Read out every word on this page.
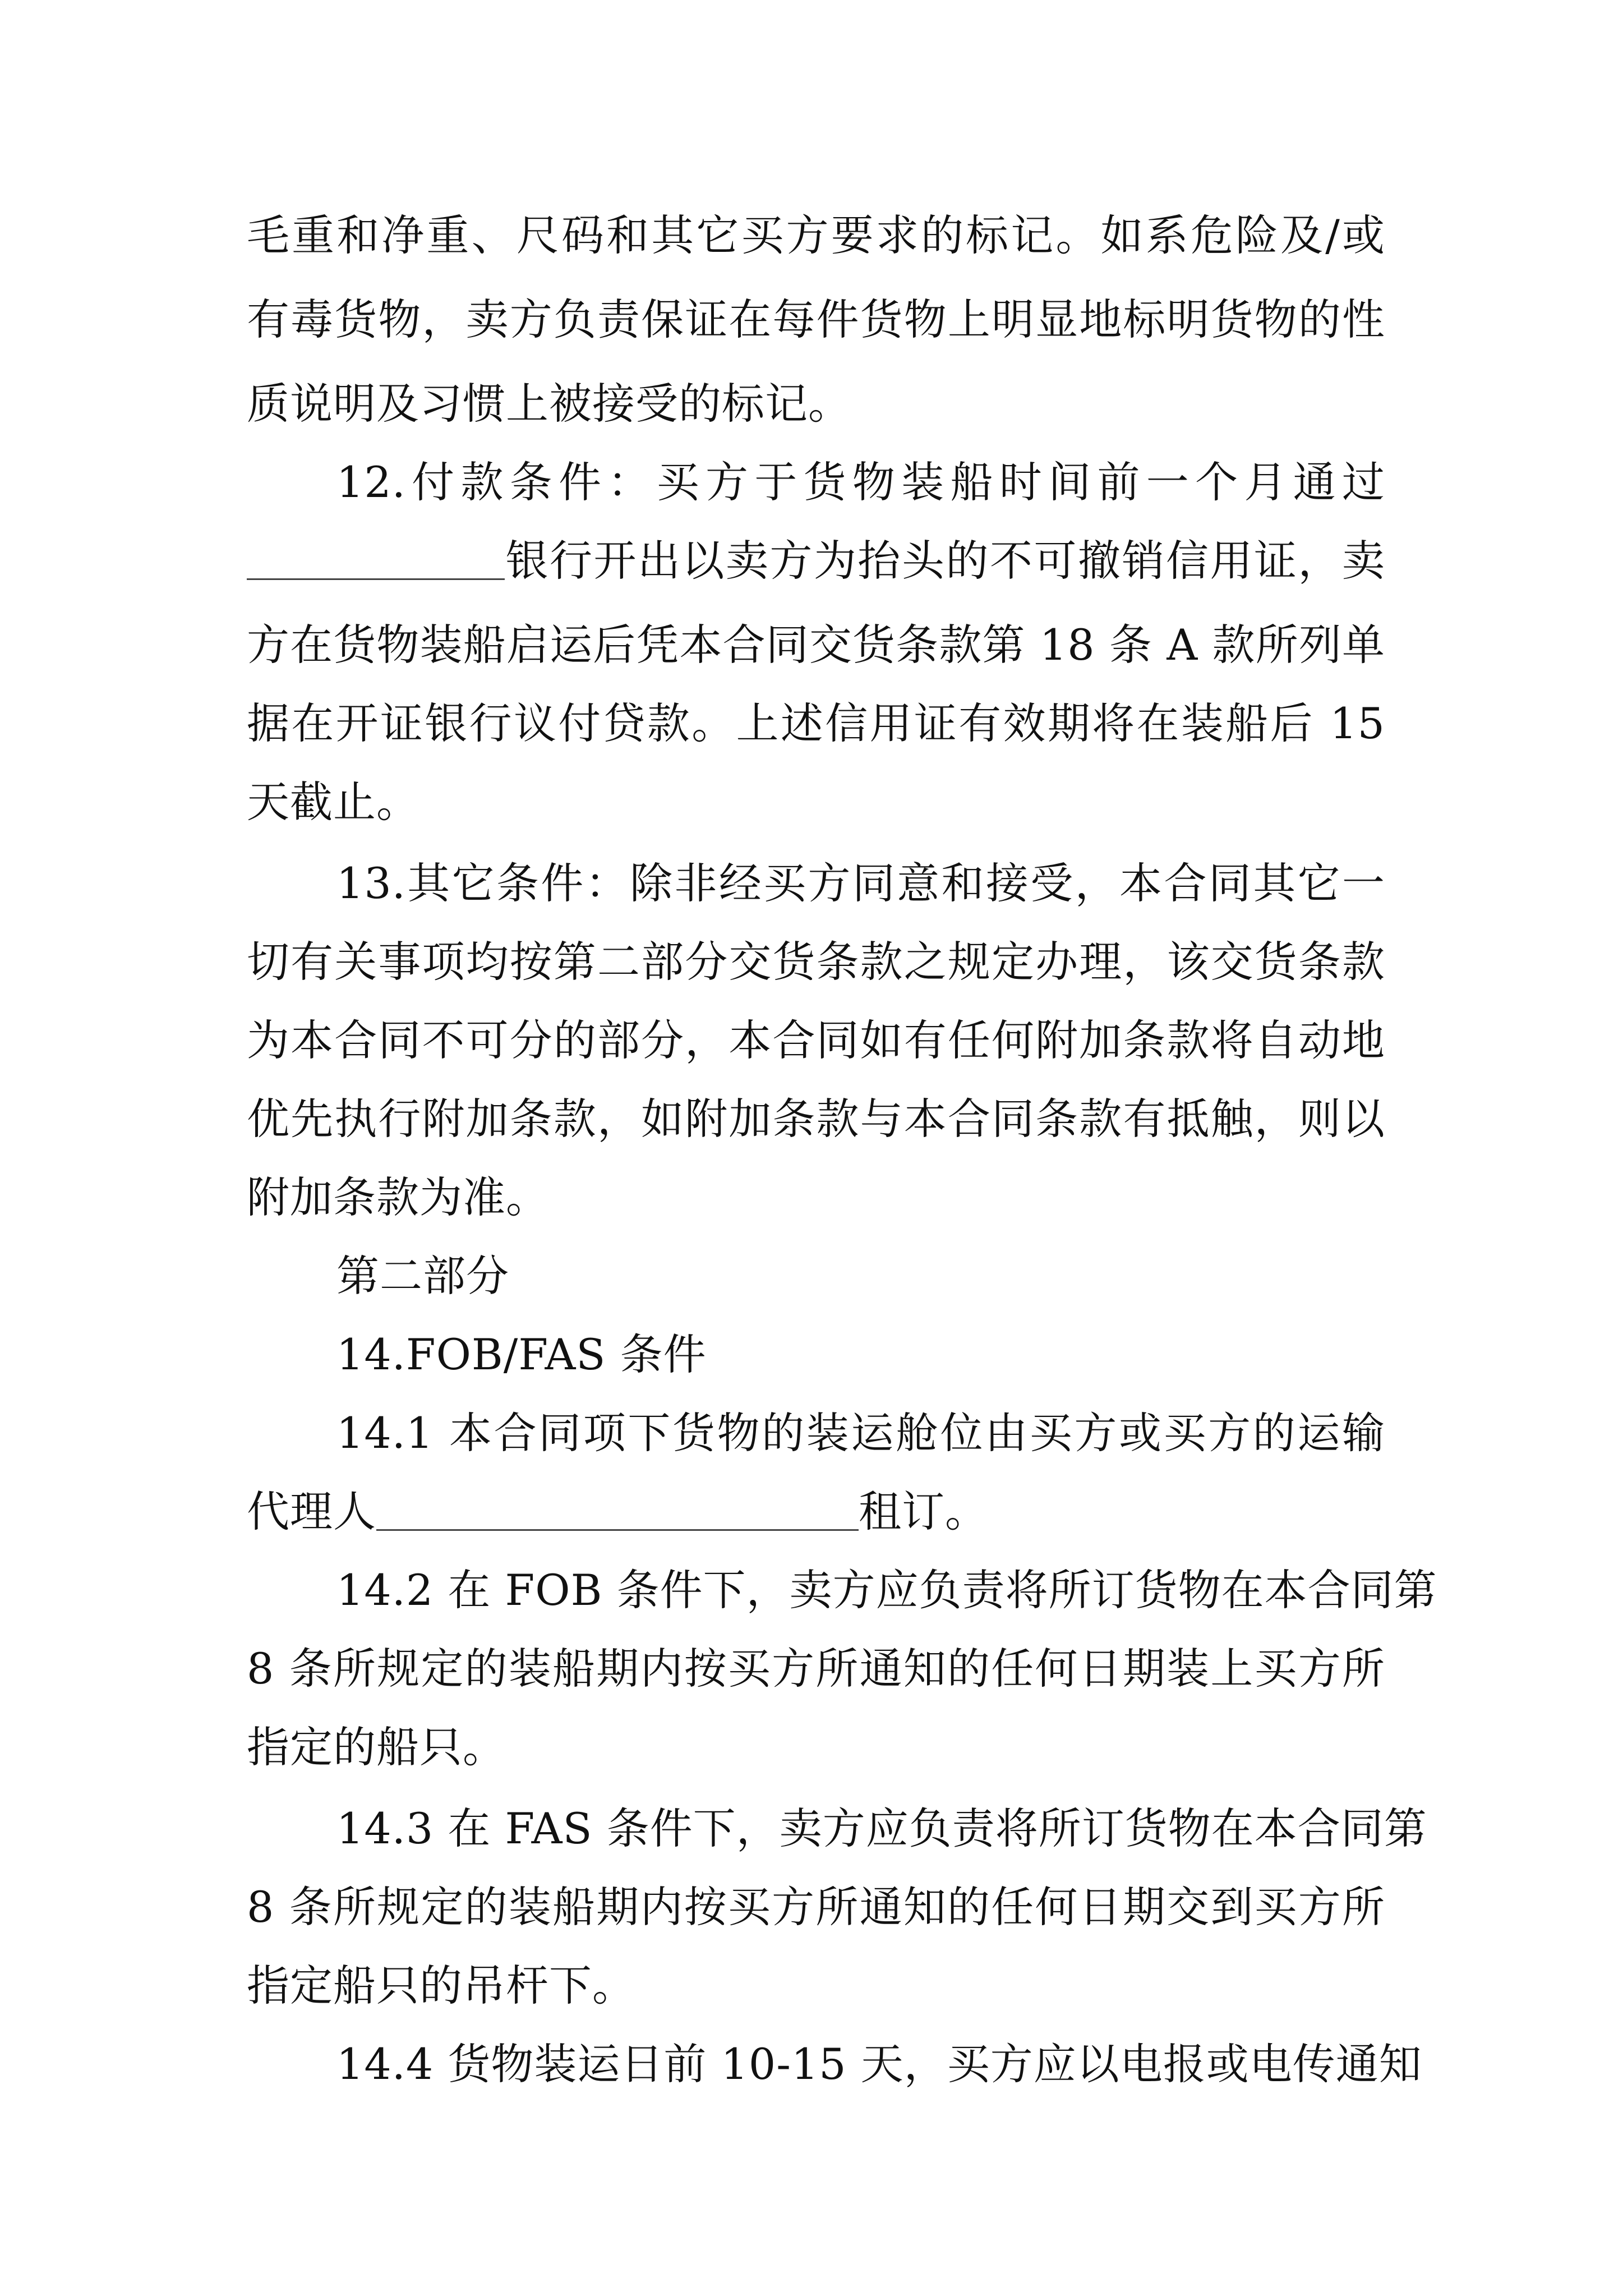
毛重和净重、尺码和其它买方要求的标记。如系危险及/或
有毒货物，卖方负责保证在每件货物上明显地标明货物的性
质说明及习惯上被接受的标记。
12.付款条件：买方于货物装船时间前一个月通过
银行开出以卖方为抬头的不可撤销信用证，卖
方在货物装船启运后凭本合同交货条款第 18 条 A 款所列单
据在开证银行议付贷款。上述信用证有效期将在装船后 15
天截止。
13.其它条件：除非经买方同意和接受，本合同其它一
切有关事项均按第二部分交货条款之规定办理，该交货条款
为本合同不可分的部分，本合同如有任何附加条款将自动地
优先执行附加条款，如附加条款与本合同条款有抵触，则以
附加条款为准。
第二部分
14.FOB/FAS 条件
14.1 本合同项下货物的装运舱位由买方或买方的运输
代理人	租订。
14.2 在 FOB 条件下，卖方应负责将所订货物在本合同第
8 条所规定的装船期内按买方所通知的任何日期装上买方所
指定的船只。
14.3 在 FAS 条件下，卖方应负责将所订货物在本合同第
8 条所规定的装船期内按买方所通知的任何日期交到买方所
指定船只的吊杆下。
14.4 货物装运日前 10-15 天，买方应以电报或电传通知
